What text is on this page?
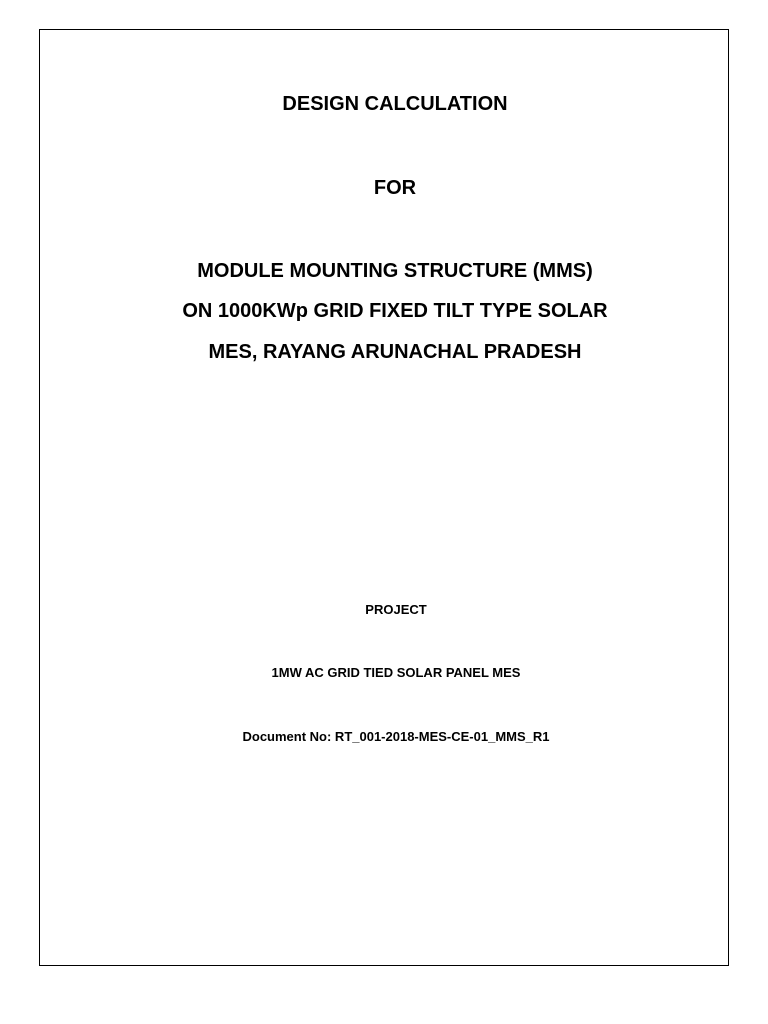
DESIGN CALCULATION
FOR
MODULE MOUNTING STRUCTURE (MMS)
ON 1000KWp GRID FIXED TILT TYPE SOLAR
MES, RAYANG ARUNACHAL PRADESH
PROJECT
1MW AC GRID TIED SOLAR PANEL MES
Document No: RT_001-2018-MES-CE-01_MMS_R1
